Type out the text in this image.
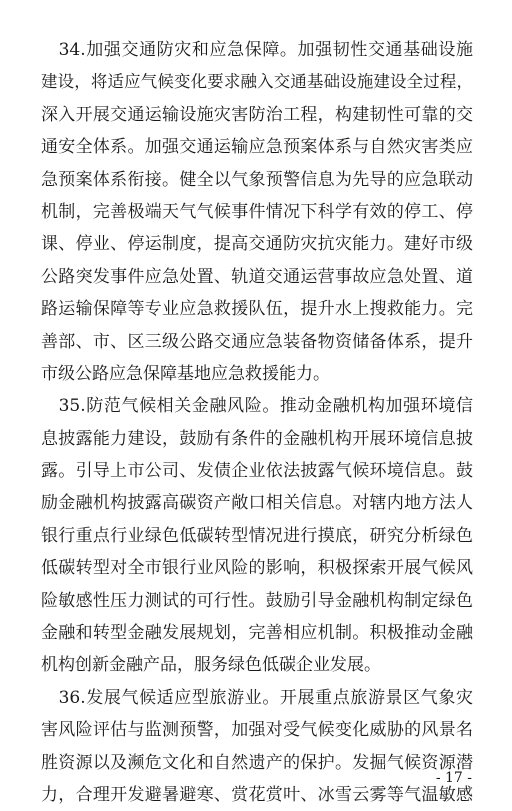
　34.加强交通防灾和应急保障。加强韧性交通基础设施
建设，将适应气候变化要求融入交通基础设施建设全过程，
深入开展交通运输设施灾害防治工程，构建韧性可靠的交
通安全体系。加强交通运输应急预案体系与自然灾害类应
急预案体系衔接。健全以气象预警信息为先导的应急联动
机制，完善极端天气气候事件情况下科学有效的停工、停
课、停业、停运制度，提高交通防灾抗灾能力。建好市级
公路突发事件应急处置、轨道交通运营事故应急处置、道
路运输保障等专业应急救援队伍，提升水上搜救能力。完
善部、市、区三级公路交通应急装备物资储备体系，提升
市级公路应急保障基地应急救援能力。
　35.防范气候相关金融风险。推动金融机构加强环境信
息披露能力建设，鼓励有条件的金融机构开展环境信息披
露。引导上市公司、发债企业依法披露气候环境信息。鼓
励金融机构披露高碳资产敞口相关信息。对辖内地方法人
银行重点行业绿色低碳转型情况进行摸底，研究分析绿色
低碳转型对全市银行业风险的影响，积极探索开展气候风
险敏感性压力测试的可行性。鼓励引导金融机构制定绿色
金融和转型金融发展规划，完善相应机制。积极推动金融
机构创新金融产品，服务绿色低碳企业发展。
　36.发展气候适应型旅游业。开展重点旅游景区气象灾
害风险评估与监测预警，加强对受气候变化威胁的风景名
胜资源以及濒危文化和自然遗产的保护。发掘气候资源潜
力，合理开发避暑避寒、赏花赏叶、冰雪云雾等气温敏感
- 17 -
